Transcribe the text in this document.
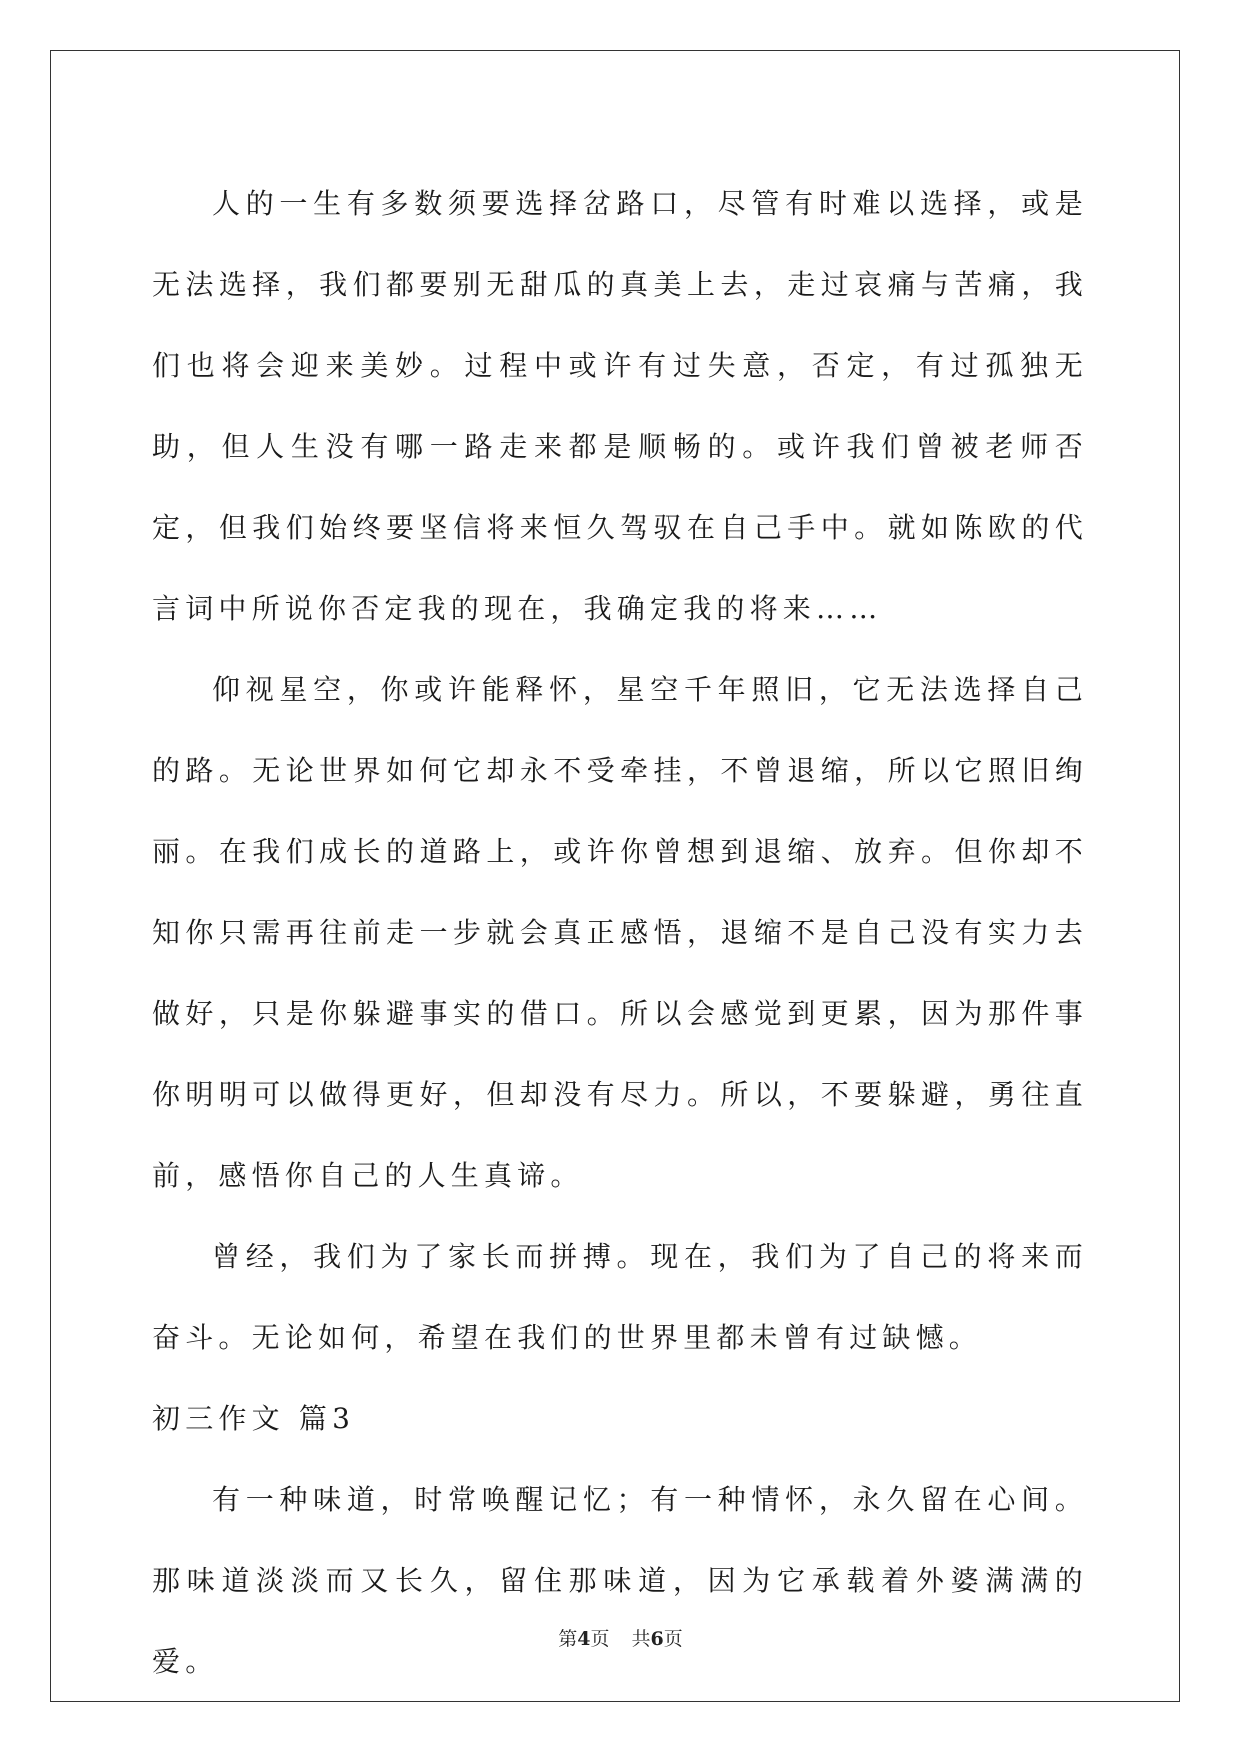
人的一生有多数须要选择岔路口，尽管有时难以选择，或是无法选择，我们都要别无甜瓜的真美上去，走过哀痛与苦痛，我们也将会迎来美妙。过程中或许有过失意，否定，有过孤独无助，但人生没有哪一路走来都是顺畅的。或许我们曾被老师否定，但我们始终要坚信将来恒久驾驭在自己手中。就如陈欧的代言词中所说你否定我的现在，我确定我的将来……

仰视星空，你或许能释怀，星空千年照旧，它无法选择自己的路。无论世界如何它却永不受牵挂，不曾退缩，所以它照旧绚丽。在我们成长的道路上，或许你曾想到退缩、放弃。但你却不知你只需再往前走一步就会真正感悟，退缩不是自己没有实力去做好，只是你躲避事实的借口。所以会感觉到更累，因为那件事你明明可以做得更好，但却没有尽力。所以，不要躲避，勇往直前，感悟你自己的人生真谛。

曾经，我们为了家长而拼搏。现在，我们为了自己的将来而奋斗。无论如何，希望在我们的世界里都未曾有过缺憾。

初三作文 篇3

有一种味道，时常唤醒记忆；有一种情怀，永久留在心间。那味道淡淡而又长久，留住那味道，因为它承载着外婆满满的爱。

第4页 共6页
